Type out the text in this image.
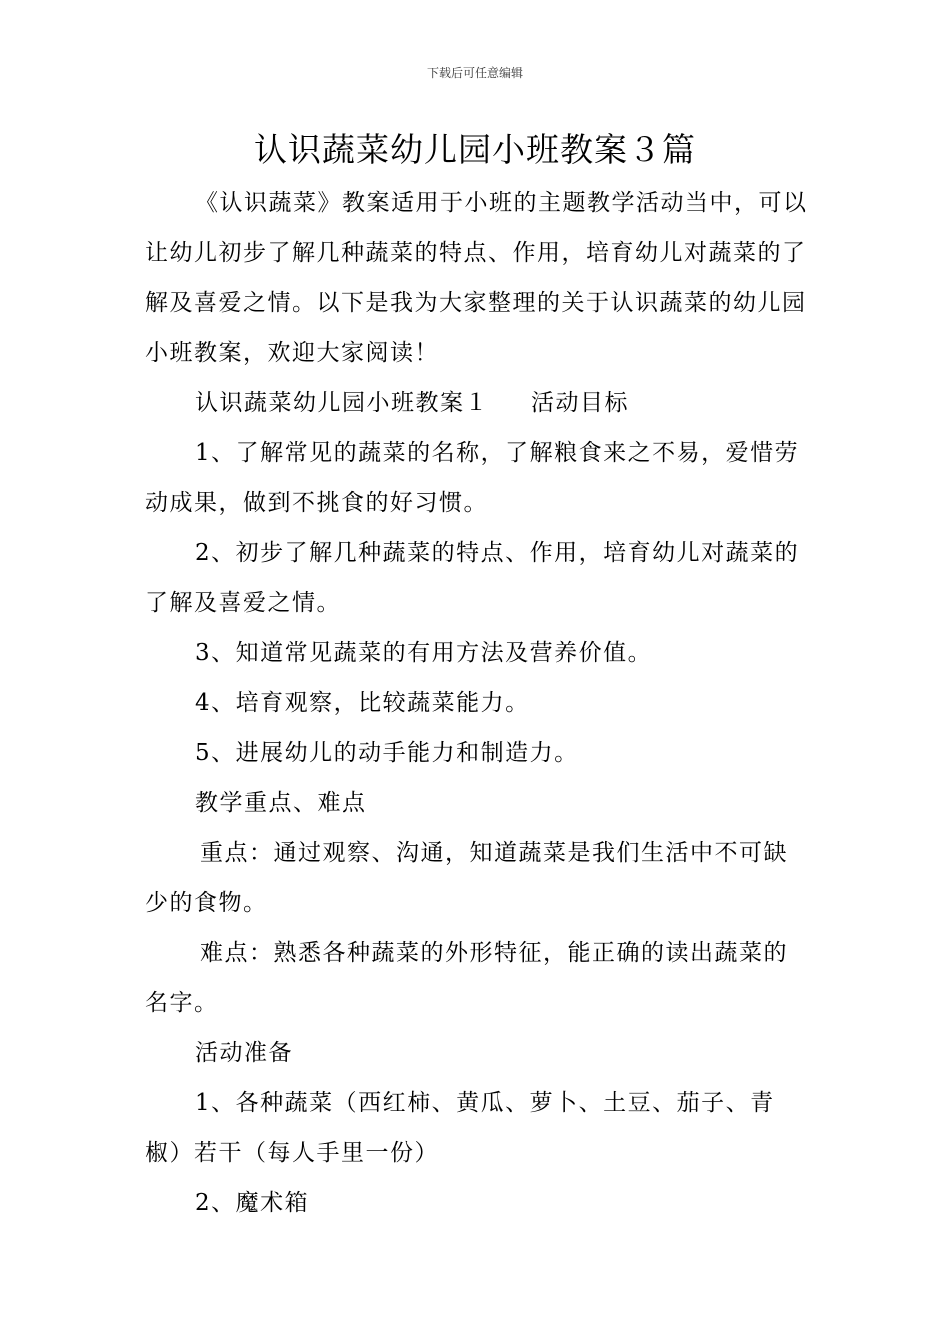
下载后可任意编辑
认识蔬菜幼儿园小班教案３篇

《认识蔬菜》教案适用于小班的主题教学活动当中，可以让幼儿初步了解几种蔬菜的特点、作用，培育幼儿对蔬菜的了解及喜爱之情。以下是我为大家整理的关于认识蔬菜的幼儿园小班教案，欢迎大家阅读！

认识蔬菜幼儿园小班教案１ 活动目标

1、了解常见的蔬菜的名称，了解粮食来之不易，爱惜劳动成果，做到不挑食的好习惯。

2、初步了解几种蔬菜的特点、作用，培育幼儿对蔬菜的了解及喜爱之情。

3、知道常见蔬菜的有用方法及营养价值。

4、培育观察，比较蔬菜能力。

5、进展幼儿的动手能力和制造力。

教学重点、难点

重点：通过观察、沟通，知道蔬菜是我们生活中不可缺少的食物。

难点：熟悉各种蔬菜的外形特征，能正确的读出蔬菜的名字。

活动准备

1、各种蔬菜（西红柿、黄瓜、萝卜、土豆、茄子、青椒）若干（每人手里一份）

2、魔术箱
